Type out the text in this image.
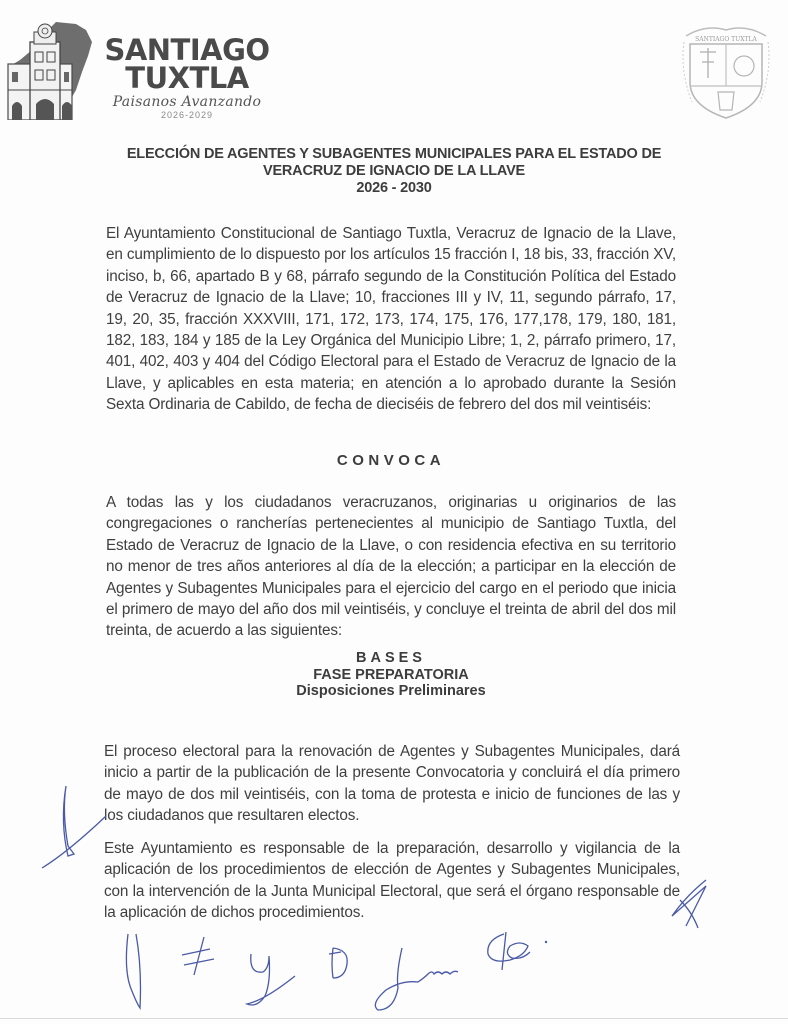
SANTIAGO
TUXTLA
Paisanos Avanzando
2026-2029
SANTIAGO TUXTLA
ELECCIÓN DE AGENTES Y SUBAGENTES MUNICIPALES PARA EL ESTADO DE
VERACRUZ DE IGNACIO DE LA LLAVE
2026 - 2030
El Ayuntamiento Constitucional de Santiago Tuxtla, Veracruz de Ignacio de la Llave, en cumplimiento de lo dispuesto por los artículos 15 fracción I, 18 bis, 33, fracción XV, inciso, b, 66, apartado B y 68, párrafo segundo de la Constitución Política del Estado de Veracruz de Ignacio de la Llave; 10, fracciones III y IV, 11, segundo párrafo, 17, 19, 20, 35, fracción XXXVIII, 171, 172, 173, 174, 175, 176, 177,178, 179, 180, 181, 182, 183, 184 y 185 de la Ley Orgánica del Municipio Libre; 1, 2, párrafo primero, 17, 401, 402, 403 y 404 del Código Electoral para el Estado de Veracruz de Ignacio de la Llave, y aplicables en esta materia; en atención a lo aprobado durante la Sesión Sexta Ordinaria de Cabildo, de fecha de dieciséis de febrero del dos mil veintiséis:
CONVOCA
A todas las y los ciudadanos veracruzanos, originarias u originarios de las congregaciones o rancherías pertenecientes al municipio de Santiago Tuxtla, del Estado de Veracruz de Ignacio de la Llave, o con residencia efectiva en su territorio no menor de tres años anteriores al día de la elección; a participar en la elección de Agentes y Subagentes Municipales para el ejercicio del cargo en el periodo que inicia el primero de mayo del año dos mil veintiséis, y concluye el treinta de abril del dos mil treinta, de acuerdo a las siguientes:
BASES
FASE PREPARATORIA
Disposiciones Preliminares
El proceso electoral para la renovación de Agentes y Subagentes Municipales, dará inicio a partir de la publicación de la presente Convocatoria y concluirá el día primero de mayo de dos mil veintiséis, con la toma de protesta e inicio de funciones de las y los ciudadanos que resultaren electos.
Este Ayuntamiento es responsable de la preparación, desarrollo y vigilancia de la aplicación de los procedimientos de elección de Agentes y Subagentes Municipales, con la intervención de la Junta Municipal Electoral, que será el órgano responsable de la aplicación de dichos procedimientos.
